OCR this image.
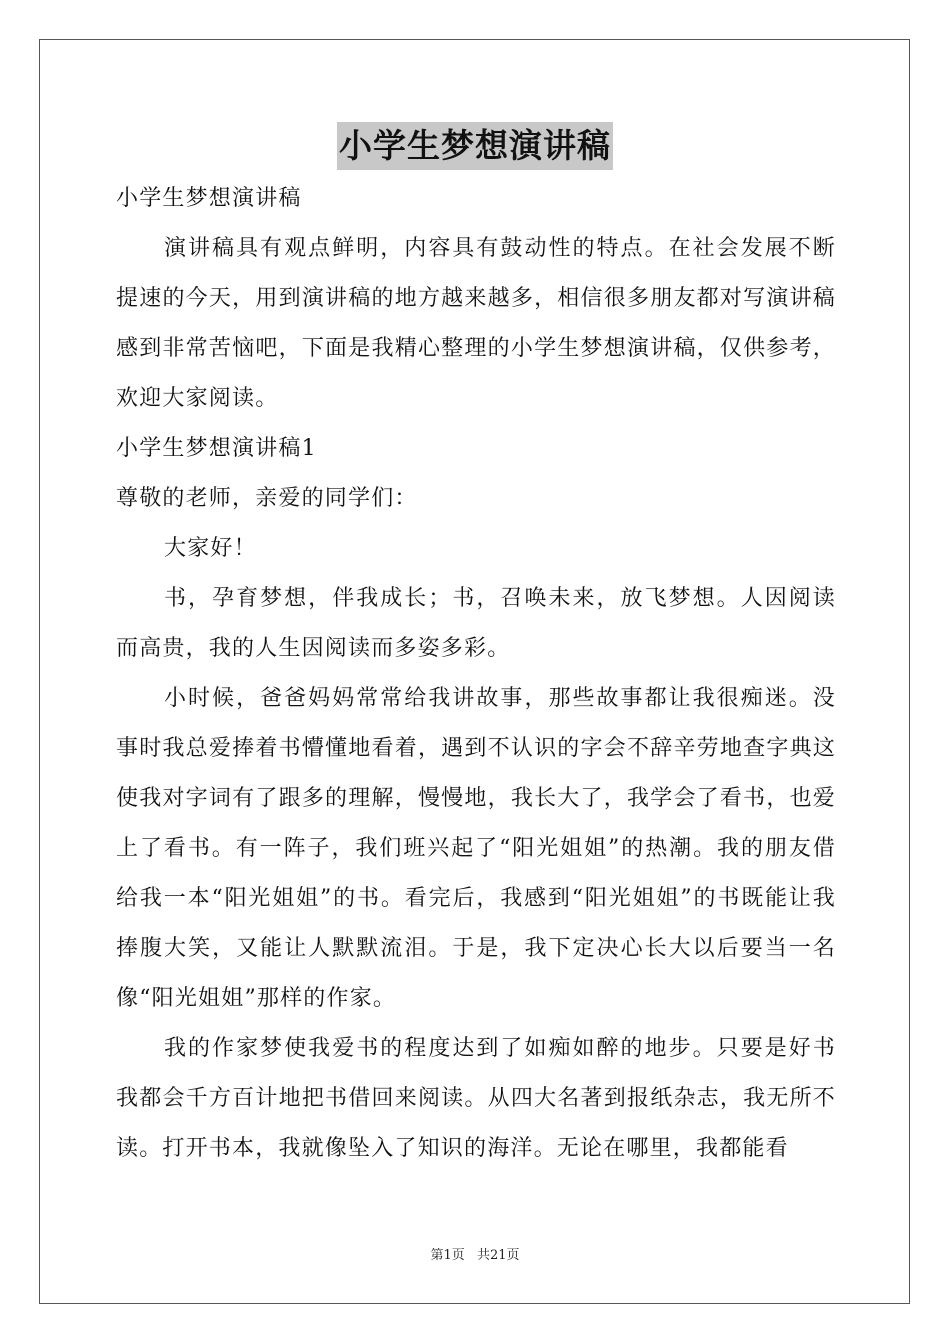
小学生梦想演讲稿

小学生梦想演讲稿

演讲稿具有观点鲜明，内容具有鼓动性的特点。在社会发展不断提速的今天，用到演讲稿的地方越来越多，相信很多朋友都对写演讲稿感到非常苦恼吧，下面是我精心整理的小学生梦想演讲稿，仅供参考，欢迎大家阅读。

小学生梦想演讲稿1

尊敬的老师，亲爱的同学们：

大家好！

书，孕育梦想，伴我成长；书，召唤未来，放飞梦想。人因阅读而高贵，我的人生因阅读而多姿多彩。

小时候，爸爸妈妈常常给我讲故事，那些故事都让我很痴迷。没事时我总爱捧着书懵懂地看着，遇到不认识的字会不辞辛劳地查字典这使我对字词有了跟多的理解，慢慢地，我长大了，我学会了看书，也爱上了看书。有一阵子，我们班兴起了“阳光姐姐”的热潮。我的朋友借给我一本“阳光姐姐”的书。看完后，我感到“阳光姐姐”的书既能让我捧腹大笑，又能让人默默流泪。于是，我下定决心长大以后要当一名像“阳光姐姐”那样的作家。

我的作家梦使我爱书的程度达到了如痴如醉的地步。只要是好书我都会千方百计地把书借回来阅读。从四大名著到报纸杂志，我无所不读。打开书本，我就像坠入了知识的海洋。无论在哪里，我都能看

第1页 共21页
